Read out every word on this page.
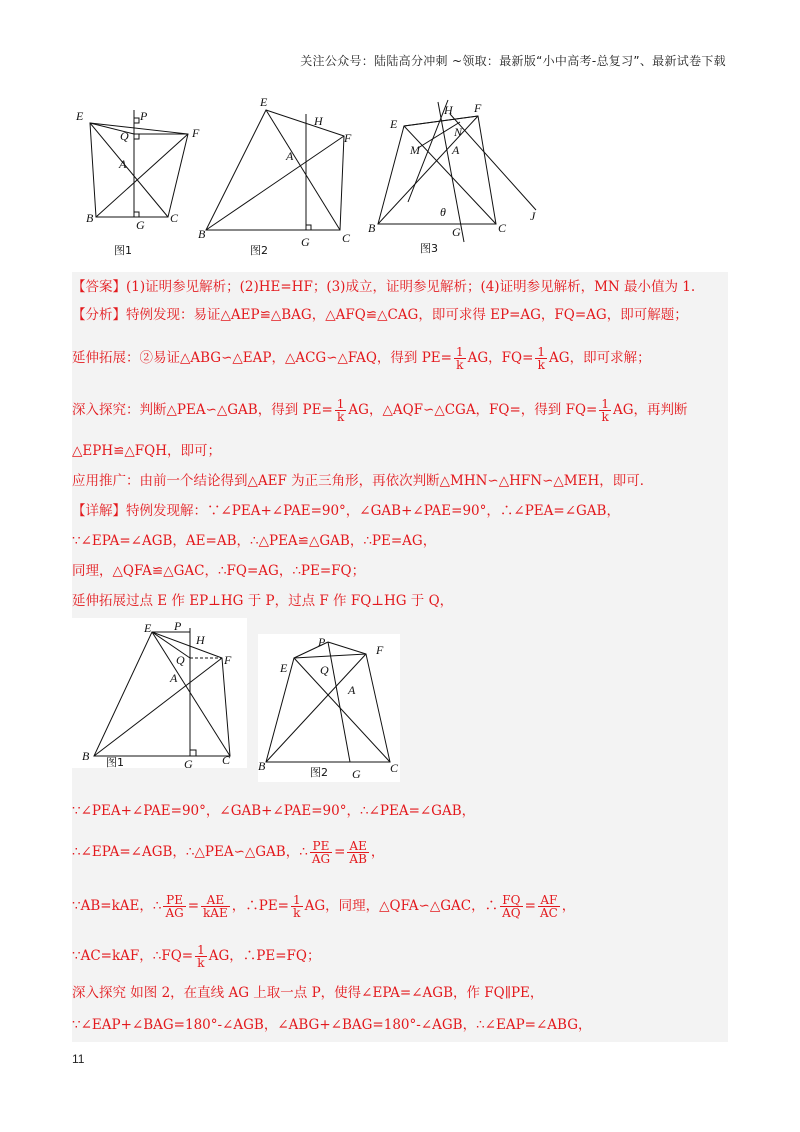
关注公众号：陆陆高分冲刺 ~领取：最新版“小中高考-总复习”、最新试卷下载
E	P
Q	F
A
B	G C
图1
E
H
F
A
B
G	C
图2
E
H F
M
N
A
θ	J
B	G	C
图3
【答案】(1)证明参见解析；(2)HE=HF；(3)成立，证明参见解析；(4)证明参见解析，MN 最小值为 1.
【分析】特例发现：易证△AEP≌△BAG，△AFQ≌△CAG，即可求得 EP=AG，FQ=AG，即可解题；
延伸拓展：②易证△ABG∽△EAP，△ACG∽△FAQ，得到 $PE= \frac{1}{k}$ AG，$FQ= \frac{1}{k}$ AG，即可求解；
深入探究：判断△PEA∽△GAB，得到 $PE= \frac{1}{k}$ AG，△AQF∽△CGA，FQ=，得到 $FQ= \frac{1}{k}$ AG，再判断
△EPH≌△FQH，即可；
应用推广：由前一个结论得到△AEF 为正三角形，再依次判断△MHN∽△HFN∽△MEH，即可．
【详解】特例发现解：∵∠PEA+∠PAE=90°，∠GAB+∠PAE=90°，∴∠PEA=∠GAB，
∵∠EPA=∠AGB，AE=AB，∴△PEA≌△GAB，∴PE=AG，
同理，△QFA≌△GAC，∴FQ=AG，∴PE=FQ；
延伸拓展过点 E 作 EP⊥HG 于 P，过点 F 作 FQ⊥HG 于 Q，
E P
H
Q	F
A
B
G C
图1
P
E	Q
F
A
B
G C
图2
∵∠PEA+∠PAE=90°，∠GAB+∠PAE=90°，∴∠PEA=∠GAB，
∴∠EPA=∠AGB，∴△PEA∽△GAB，∴ $\frac{PE}{AG} = \frac{AE}{AB}$ ，
∵AB=kAE，∴ $\frac{PE}{AG} = \frac{AE}{\text{kAE}}$ ，∴PE= $\frac{1}{k}$ AG，同理，△QFA∽△GAC，∴ $\frac{FQ}{AQ} = \frac{AF}{AC}$ ，
∵AC=kAF，∴FQ= $\frac{1}{k}$ AG，∴PE=FQ；
深入探究 如图 2，在直线 AG 上取一点 P，使得∠EPA=∠AGB，作 FQ∥PE，
∵∠EAP+∠BAG=180°-∠AGB，∠ABG+∠BAG=180°-∠AGB，∴∠EAP=∠ABG，
11
